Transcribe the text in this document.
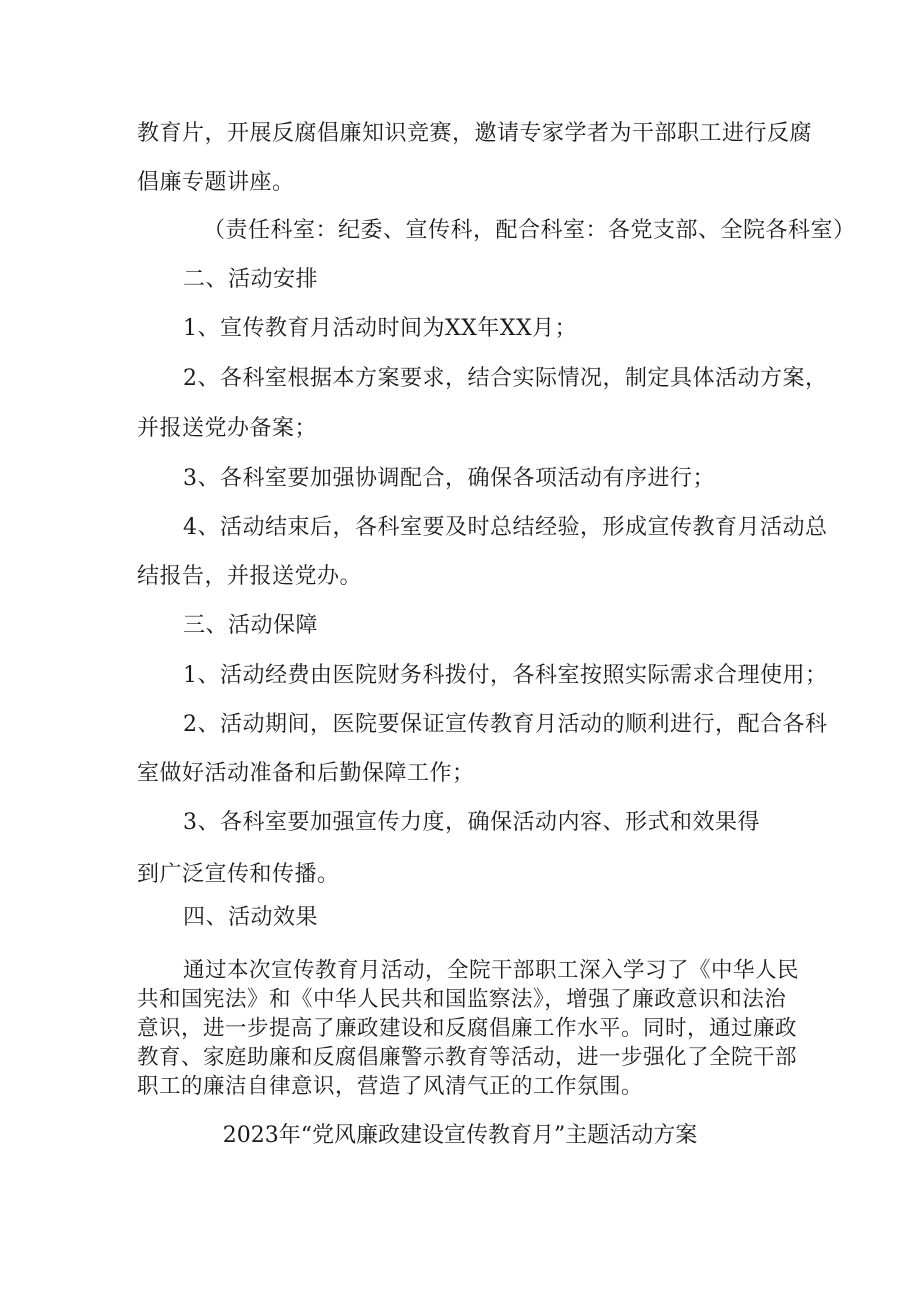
教育片，开展反腐倡廉知识竞赛，邀请专家学者为干部职工进行反腐
倡廉专题讲座。
（责任科室：纪委、宣传科，配合科室：各党支部、全院各科室）
二、活动安排
1、宣传教育月活动时间为XX年XX月；
2、各科室根据本方案要求，结合实际情况，制定具体活动方案，
并报送党办备案；
3、各科室要加强协调配合，确保各项活动有序进行；
4、活动结束后，各科室要及时总结经验，形成宣传教育月活动总
结报告，并报送党办。
三、活动保障
1、活动经费由医院财务科拨付，各科室按照实际需求合理使用；
2、活动期间，医院要保证宣传教育月活动的顺利进行，配合各科
室做好活动准备和后勤保障工作；
3、各科室要加强宣传力度，确保活动内容、形式和效果得
到广泛宣传和传播。
四、活动效果
通过本次宣传教育月活动，全院干部职工深入学习了《中华人民
共和国宪法》和《中华人民共和国监察法》，增强了廉政意识和法治
意识，进一步提高了廉政建设和反腐倡廉工作水平。同时，通过廉政
教育、家庭助廉和反腐倡廉警示教育等活动，进一步强化了全院干部
职工的廉洁自律意识，营造了风清气正的工作氛围。
2023年“党风廉政建设宣传教育月”主题活动方案
